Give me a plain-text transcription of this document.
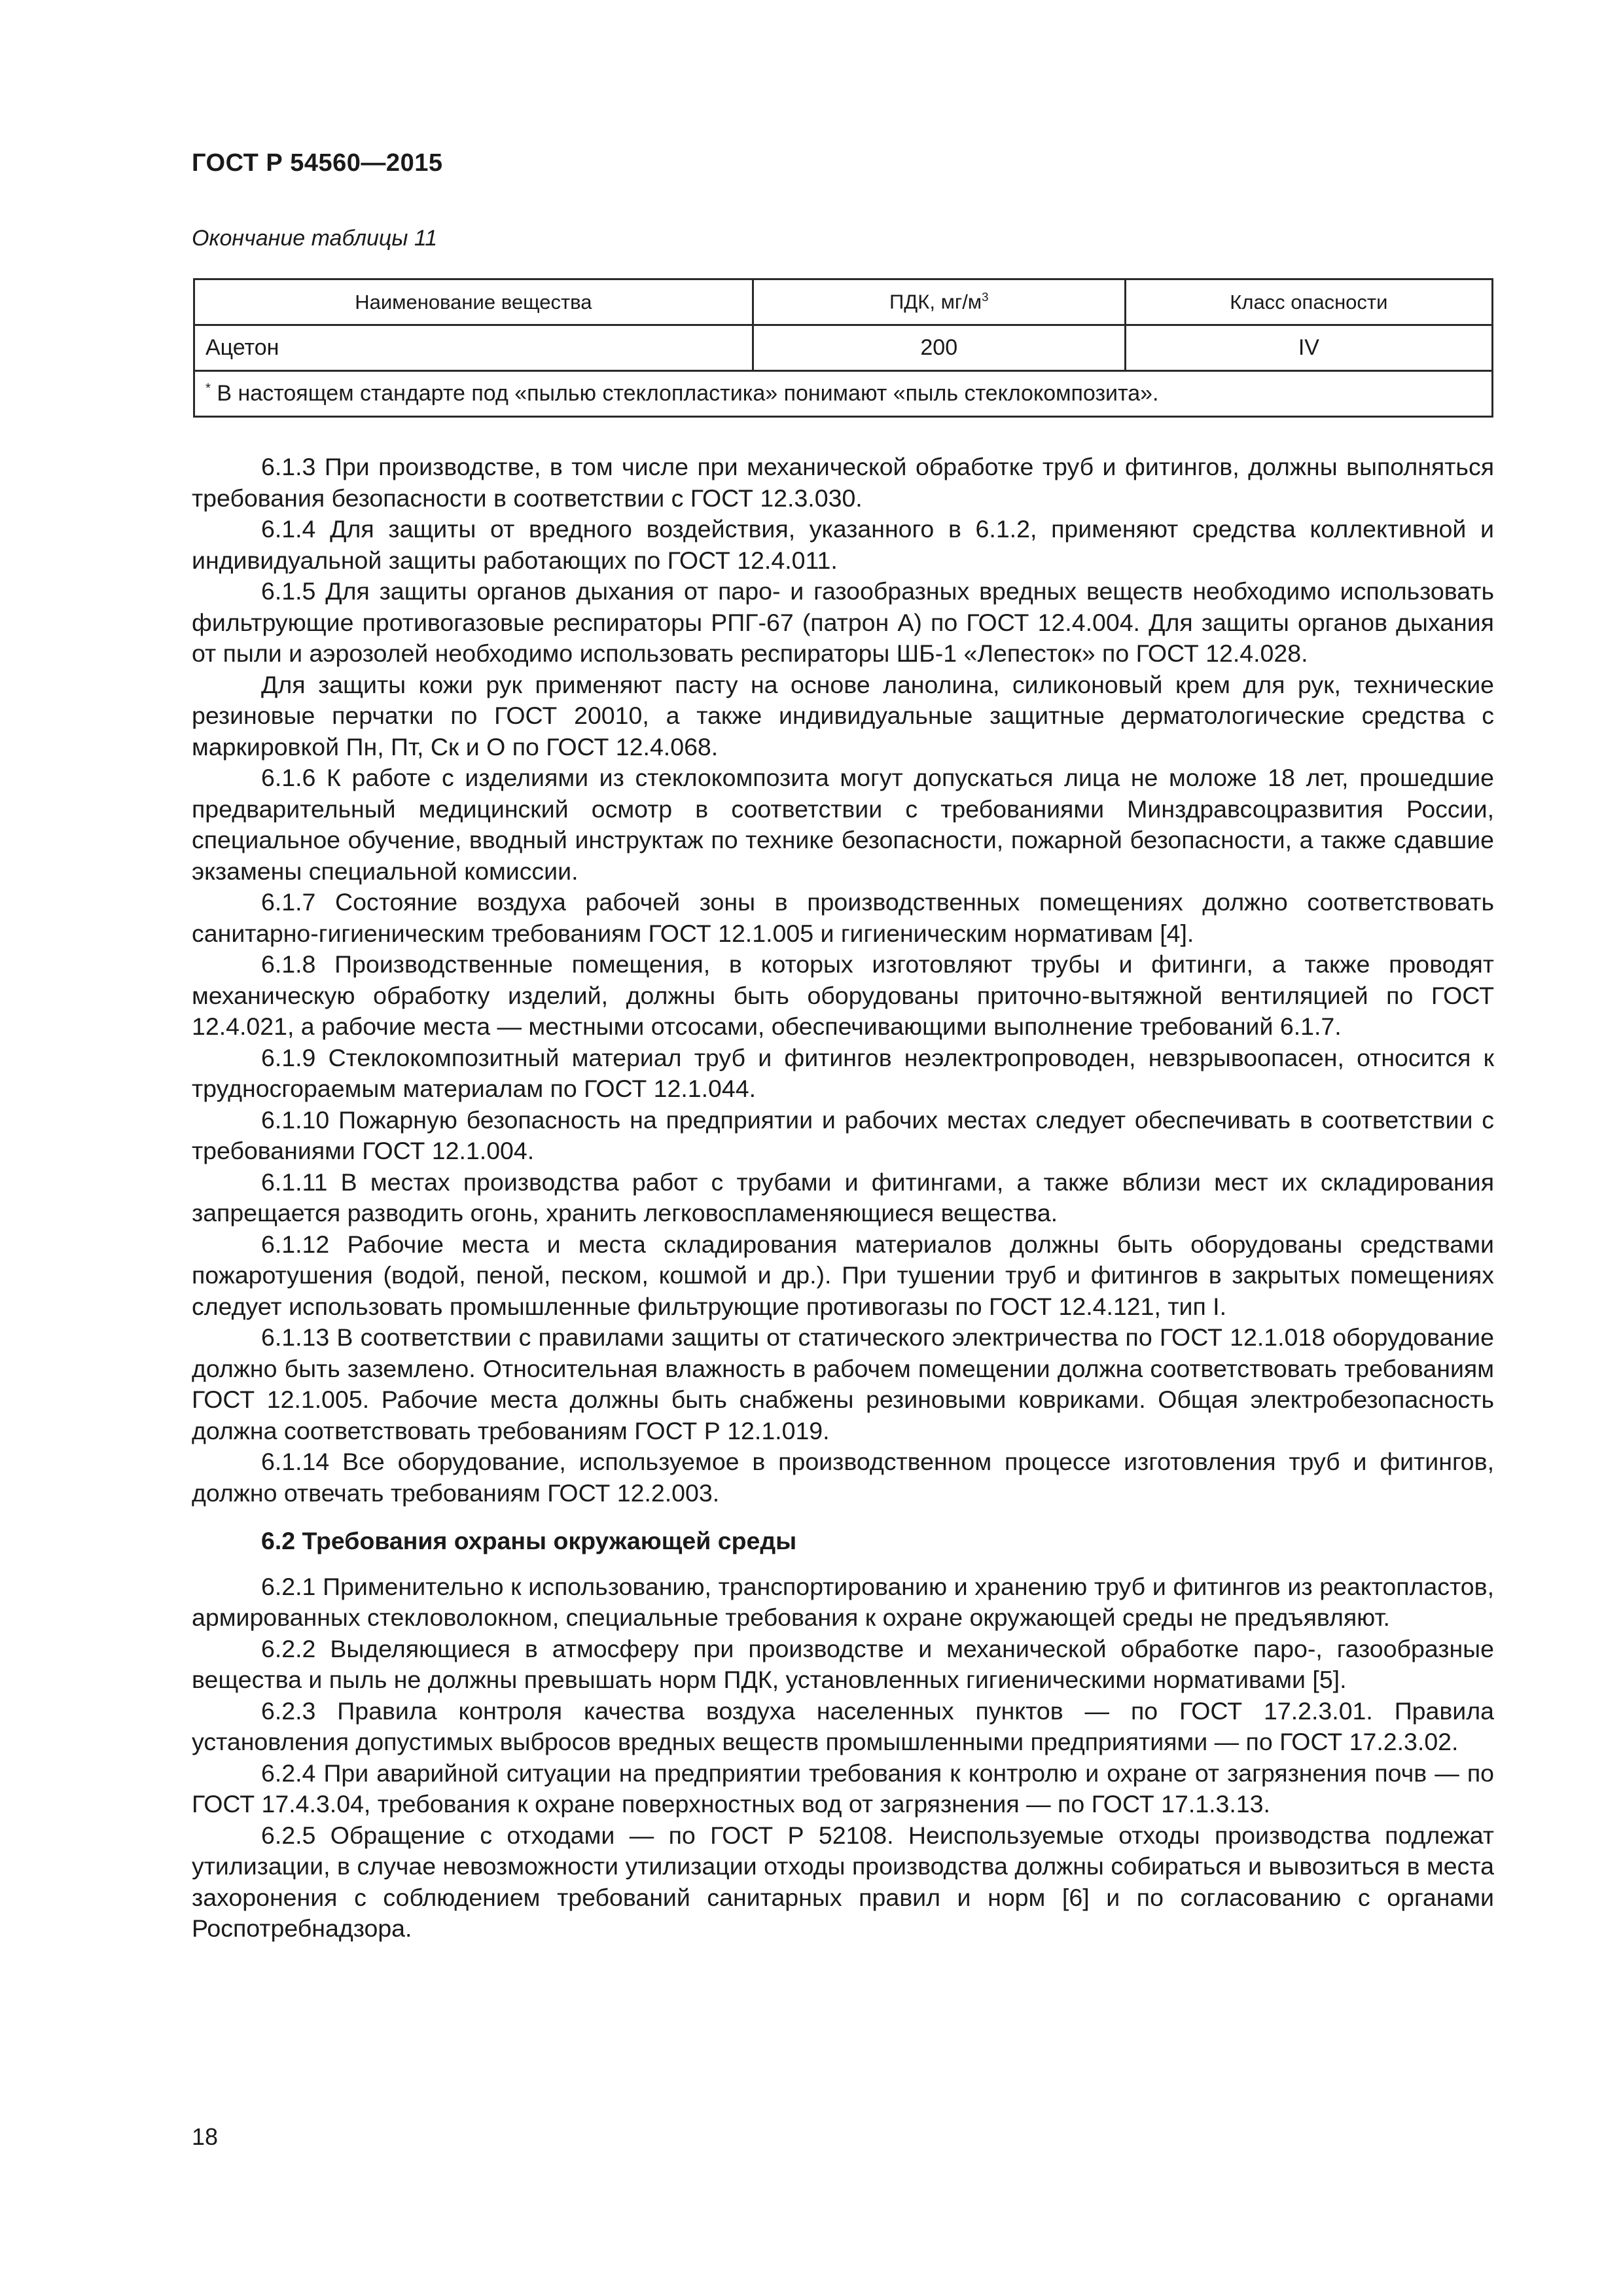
ГОСТ Р 54560—2015
Окончание таблицы 11
Наименование вещества	ПДК, $мг/м^3$	Класс опасности
Ацетон	200	IV
* В настоящем стандарте под «пылью стеклопластика» понимают «пыль стеклокомпозита».		

6.1.3 При производстве, в том числе при механической обработке труб и фитингов, должны выполняться требования безопасности в соответствии с ГОСТ 12.3.030.

6.1.4 Для защиты от вредного воздействия, указанного в 6.1.2, применяют средства коллективной и индивидуальной защиты работающих по ГОСТ 12.4.011.

6.1.5 Для защиты органов дыхания от паро- и газообразных вредных веществ необходимо использовать фильтрующие противогазовые респираторы РПГ-67 (патрон А) по ГОСТ 12.4.004. Для защиты органов дыхания от пыли и аэрозолей необходимо использовать респираторы ШБ-1 «Лепесток» по ГОСТ 12.4.028.

Для защиты кожи рук применяют пасту на основе ланолина, силиконовый крем для рук, технические резиновые перчатки по ГОСТ 20010, а также индивидуальные защитные дерматологические средства с маркировкой Пн, Пт, Ск и О по ГОСТ 12.4.068.

6.1.6 К работе с изделиями из стеклокомпозита могут допускаться лица не моложе 18 лет, прошедшие предварительный медицинский осмотр в соответствии с требованиями Минздравсоцразвития России, специальное обучение, вводный инструктаж по технике безопасности, пожарной безопасности, а также сдавшие экзамены специальной комиссии.

6.1.7 Состояние воздуха рабочей зоны в производственных помещениях должно соответствовать санитарно-гигиеническим требованиям ГОСТ 12.1.005 и гигиеническим нормативам [4].

6.1.8 Производственные помещения, в которых изготовляют трубы и фитинги, а также проводят механическую обработку изделий, должны быть оборудованы приточно-вытяжной вентиляцией по ГОСТ 12.4.021, а рабочие места — местными отсосами, обеспечивающими выполнение требований 6.1.7.

6.1.9 Стеклокомпозитный материал труб и фитингов неэлектропроводен, невзрывоопасен, относится к трудносгораемым материалам по ГОСТ 12.1.044.

6.1.10 Пожарную безопасность на предприятии и рабочих местах следует обеспечивать в соответствии с требованиями ГОСТ 12.1.004.

6.1.11 В местах производства работ с трубами и фитингами, а также вблизи мест их складирования запрещается разводить огонь, хранить легковоспламеняющиеся вещества.

6.1.12 Рабочие места и места складирования материалов должны быть оборудованы средствами пожаротушения (водой, пеной, песком, кошмой и др.). При тушении труб и фитингов в закрытых помещениях следует использовать промышленные фильтрующие противогазы по ГОСТ 12.4.121, тип I.

6.1.13 В соответствии с правилами защиты от статического электричества по ГОСТ 12.1.018 оборудование должно быть заземлено. Относительная влажность в рабочем помещении должна соответствовать требованиям ГОСТ 12.1.005. Рабочие места должны быть снабжены резиновыми ковриками. Общая электробезопасность должна соответствовать требованиям ГОСТ Р 12.1.019.

6.1.14 Все оборудование, используемое в производственном процессе изготовления труб и фитингов, должно отвечать требованиям ГОСТ 12.2.003.

6.2 Требования охраны окружающей среды

6.2.1 Применительно к использованию, транспортированию и хранению труб и фитингов из реактопластов, армированных стекловолокном, специальные требования к охране окружающей среды не предъявляют.

6.2.2 Выделяющиеся в атмосферу при производстве и механической обработке паро-, газообразные вещества и пыль не должны превышать норм ПДК, установленных гигиеническими нормативами [5].

6.2.3 Правила контроля качества воздуха населенных пунктов — по ГОСТ 17.2.3.01. Правила установления допустимых выбросов вредных веществ промышленными предприятиями — по ГОСТ 17.2.3.02.

6.2.4 При аварийной ситуации на предприятии требования к контролю и охране от загрязнения почв — по ГОСТ 17.4.3.04, требования к охране поверхностных вод от загрязнения — по ГОСТ 17.1.3.13.

6.2.5 Обращение с отходами — по ГОСТ Р 52108. Неиспользуемые отходы производства подлежат утилизации, в случае невозможности утилизации отходы производства должны собираться и вывозиться в места захоронения с соблюдением требований санитарных правил и норм [6] и по согласованию с органами Роспотребнадзора.

18
